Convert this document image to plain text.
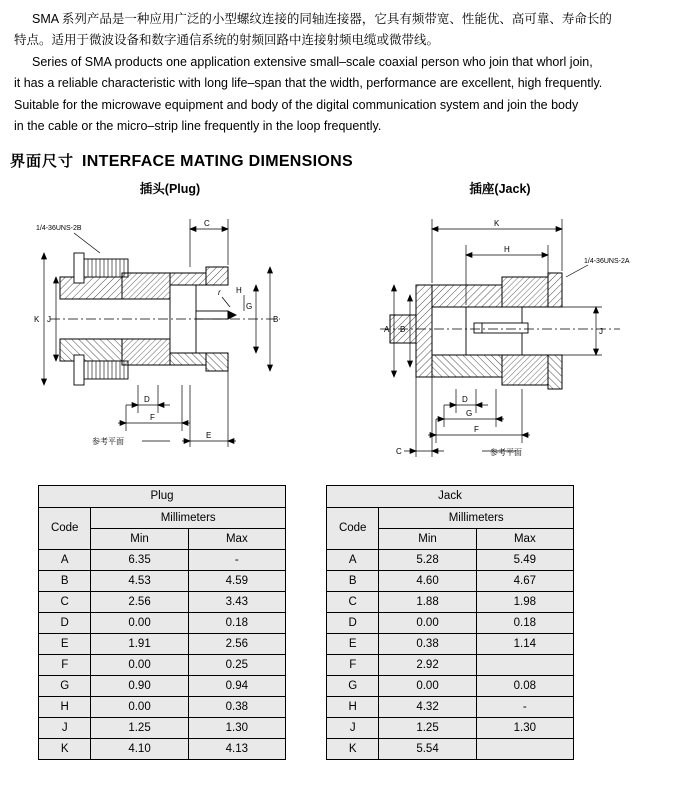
SMA 系列产品是一种应用广泛的小型螺纹连接的同轴连接器，它具有频带宽、性能优、高可靠、寿命长的

特点。适用于微波设备和数字通信系统的射频回路中连接射频电缆或微带线。

Series of SMA products one application extensive small–scale coaxial person who join that whorl join,

it has a reliable characteristic with long life–span that the width, performance are excellent, high frequently.

Suitable for the microwave equipment and body of the digital communication system and join the body

in the cable or the micro–strip line frequently in the loop frequently.

界面尺寸 INTERFACE MATING DIMENSIONS
插头(Plug)	插座(Jack)
1/4-36UNS-2B
C
K J	B
G
H
r
D
F
E
参考平面
K
H
1/4-36UNS-2A
A B	J
D
G
F
C	参考平面
Plug		
Code	Millimeters	
	Min	Max
A	6.35	-
B	4.53	4.59
C	2.56	3.43
D	0.00	0.18
E	1.91	2.56
F	0.00	0.25
G	0.90	0.94
H	0.00	0.38
J	1.25	1.30
K	4.10	4.13
Jack		
Code	Millimeters	
	Min	Max
A	5.28	5.49
B	4.60	4.67
C	1.88	1.98
D	0.00	0.18
E	0.38	1.14
F	2.92	
G	0.00	0.08
H	4.32	-
J	1.25	1.30
K	5.54	
